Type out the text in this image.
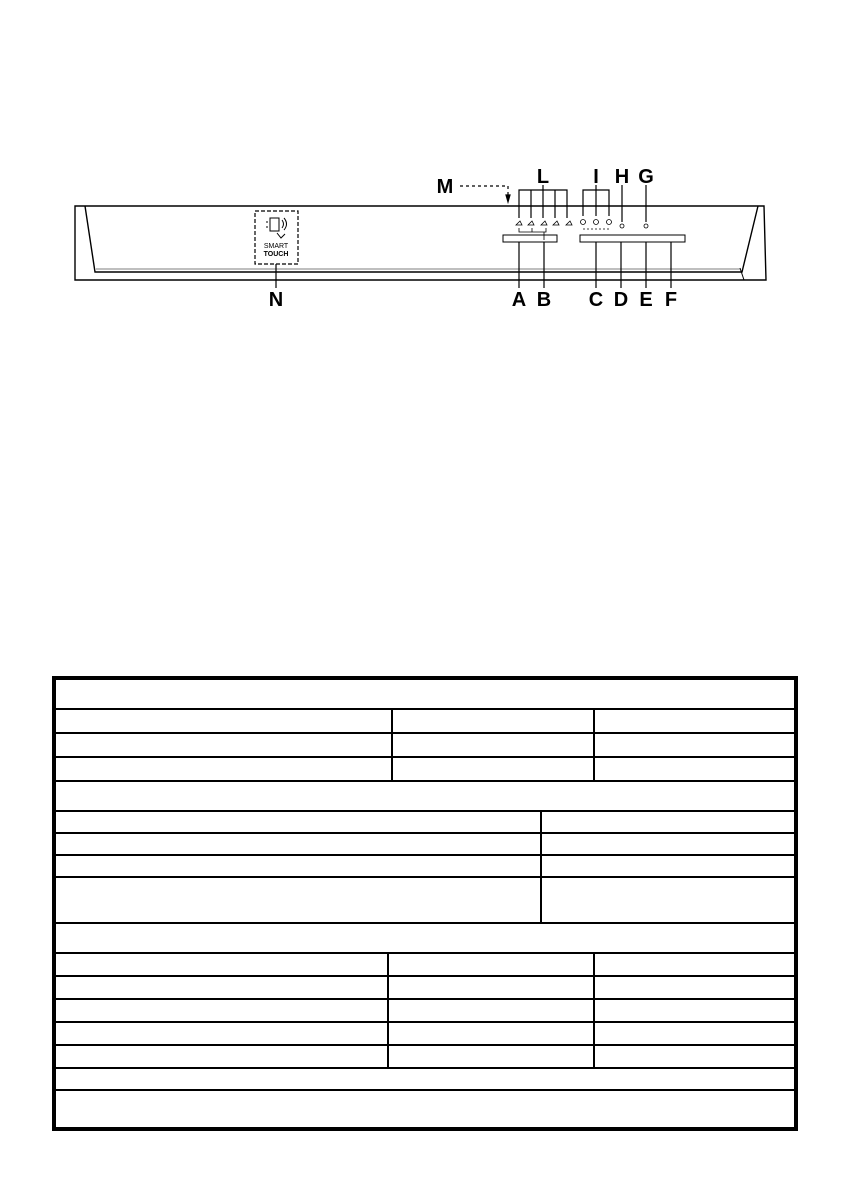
SMART
TOUCH
M	L I H G
N	A B C D E F
